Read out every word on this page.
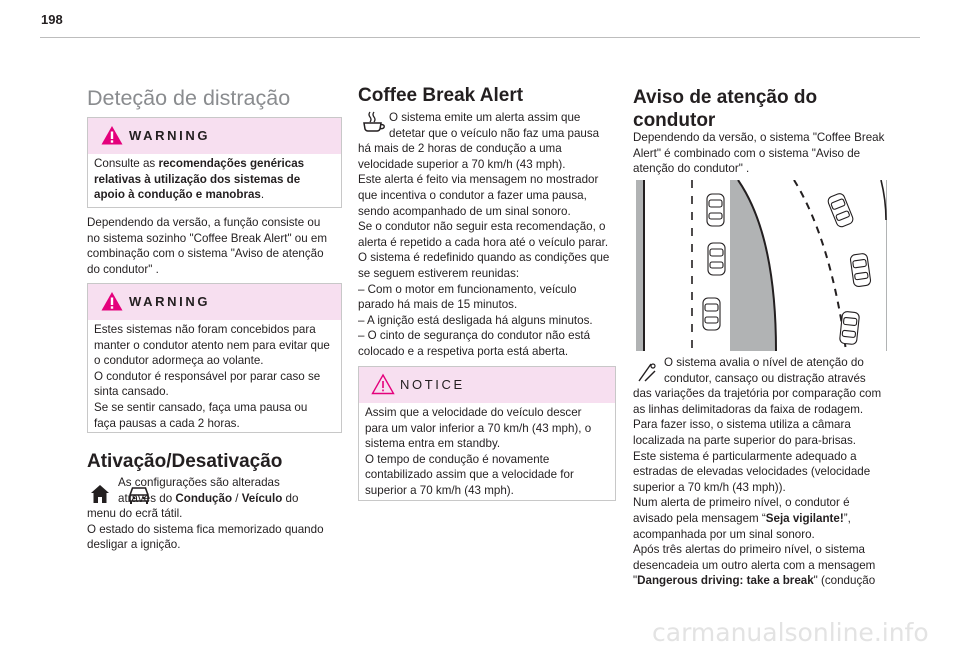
198
Deteção de distração
WARNING
Consulte as recomendações genéricas
relativas à utilização dos sistemas de
apoio à condução e manobras.
Dependendo da versão, a função consiste ou
no sistema sozinho "Coffee Break Alert" ou em
combinação com o sistema "Aviso de atenção
do condutor" .
WARNING
Estes sistemas não foram concebidos para
manter o condutor atento nem para evitar que
o condutor adormeça ao volante.
O condutor é responsável por parar caso se
sinta cansado.
Se se sentir cansado, faça uma pausa ou
faça pausas a cada 2 horas.
Ativação/Desativação
As configurações são alteradas
através do Condução / Veículo do
menu do ecrã tátil.
O estado do sistema fica memorizado quando
desligar a ignição.
Coffee Break Alert
O sistema emite um alerta assim que
detetar que o veículo não faz uma pausa
há mais de 2 horas de condução a uma
velocidade superior a 70 km/h (43 mph).
Este alerta é feito via mensagem no mostrador
que incentiva o condutor a fazer uma pausa,
sendo acompanhado de um sinal sonoro.
Se o condutor não seguir esta recomendação, o
alerta é repetido a cada hora até o veículo parar.
O sistema é redefinido quando as condições que
se seguem estiverem reunidas:
– Com o motor em funcionamento, veículo
parado há mais de 15 minutos.
– A ignição está desligada há alguns minutos.
– O cinto de segurança do condutor não está
colocado e a respetiva porta está aberta.
NOTICE
Assim que a velocidade do veículo descer
para um valor inferior a 70 km/h (43 mph), o
sistema entra em standby.
O tempo de condução é novamente
contabilizado assim que a velocidade for
superior a 70 km/h (43 mph).
Aviso de atenção do
condutor
Dependendo da versão, o sistema "Coffee Break
Alert" é combinado com o sistema "Aviso de
atenção do condutor" .
O sistema avalia o nível de atenção do
condutor, cansaço ou distração através
das variações da trajetória por comparação com
as linhas delimitadoras da faixa de rodagem.
Para fazer isso, o sistema utiliza a câmara
localizada na parte superior do para-brisas.
Este sistema é particularmente adequado a
estradas de elevadas velocidades (velocidade
superior a 70 km/h (43 mph)).
Num alerta de primeiro nível, o condutor é
avisado pela mensagem “Seja vigilante!”,
acompanhada por um sinal sonoro.
Após três alertas do primeiro nível, o sistema
desencadeia um outro alerta com a mensagem
"Dangerous driving: take a break" (condução
carmanualsonline.info
